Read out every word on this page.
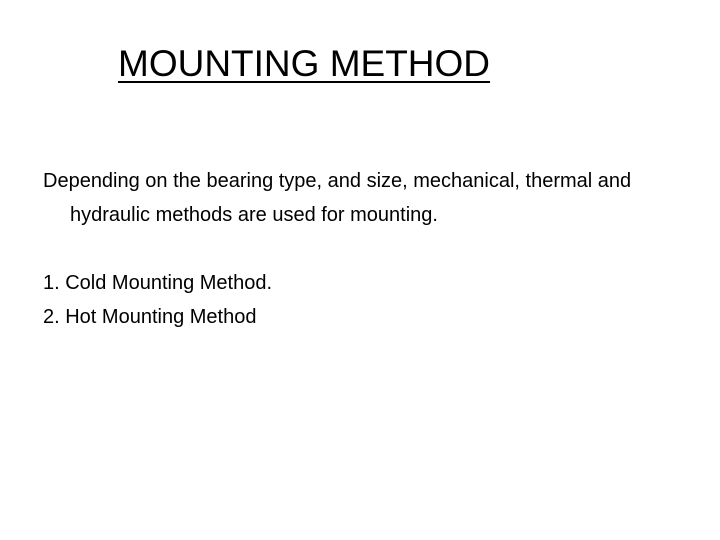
MOUNTING METHOD

Depending on the bearing type, and size, mechanical, thermal and hydraulic methods are used for mounting.

1. Cold Mounting Method.
2. Hot Mounting Method
